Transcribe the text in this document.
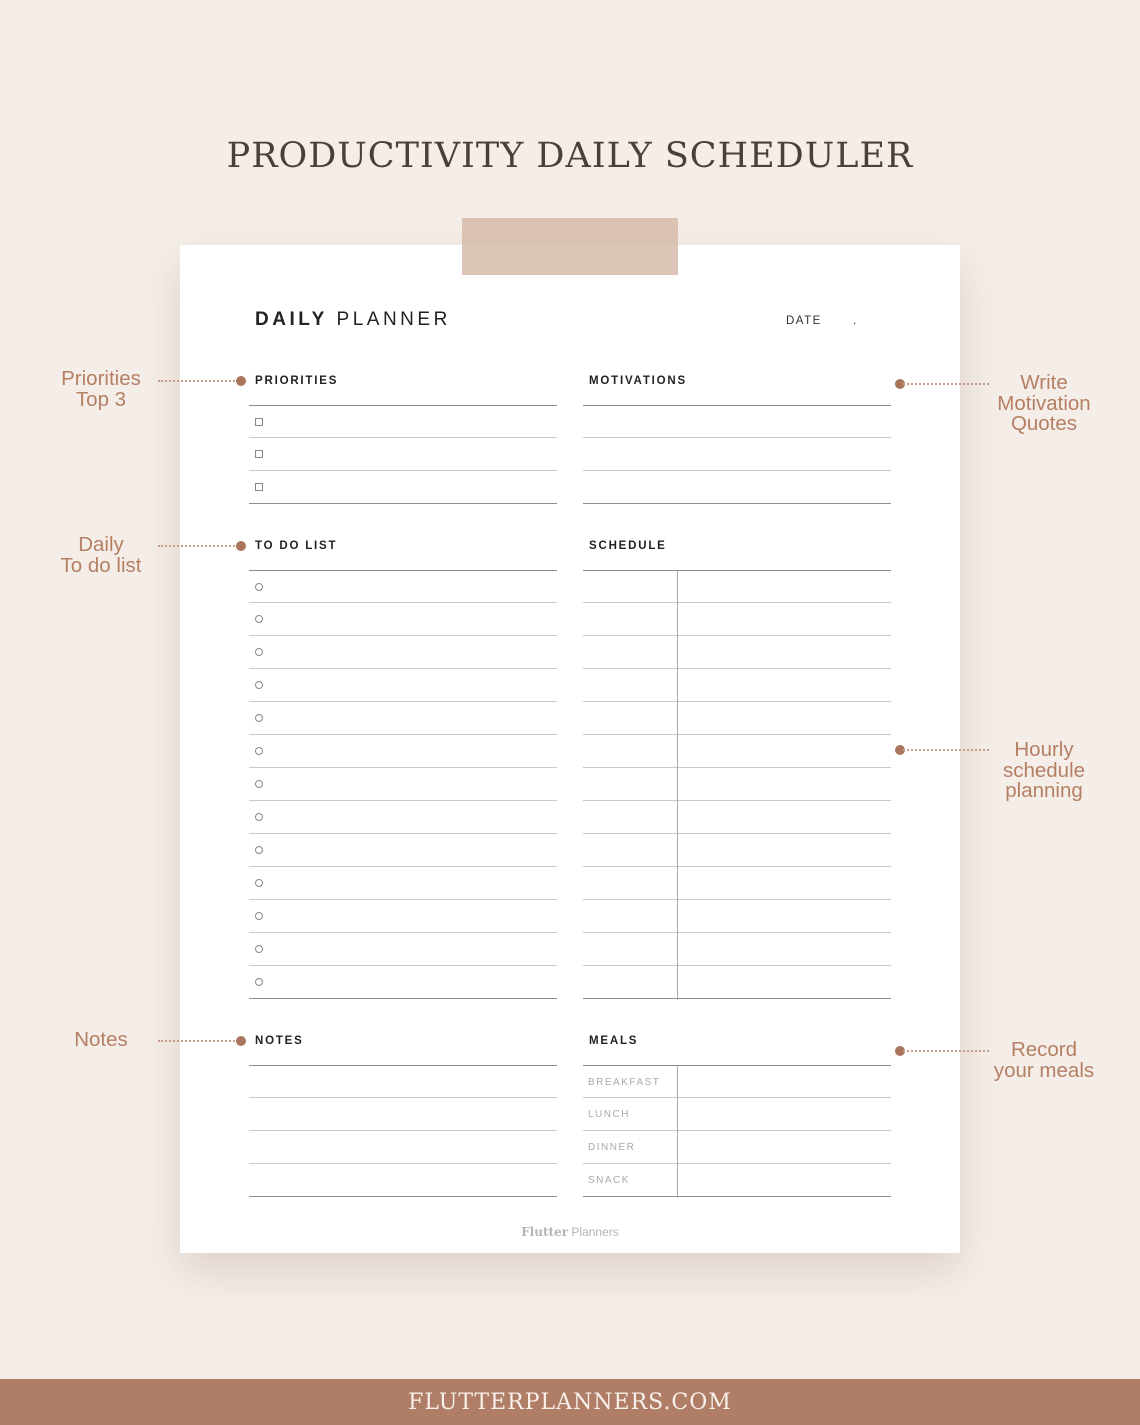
PRODUCTIVITY DAILY SCHEDULER
DAILY PLANNER	DATE	.
PRIORITIES	MOTIVATIONS
TO DO LIST	SCHEDULE
NOTES	MEALS
BREAKFAST
LUNCH
DINNER
SNACK
Flutter Planners
Priorities
Top 3
Daily
To do list
Notes
Write
Motivation
Quotes
Hourly
schedule
planning
Record
your meals
FLUTTERPLANNERS.COM
